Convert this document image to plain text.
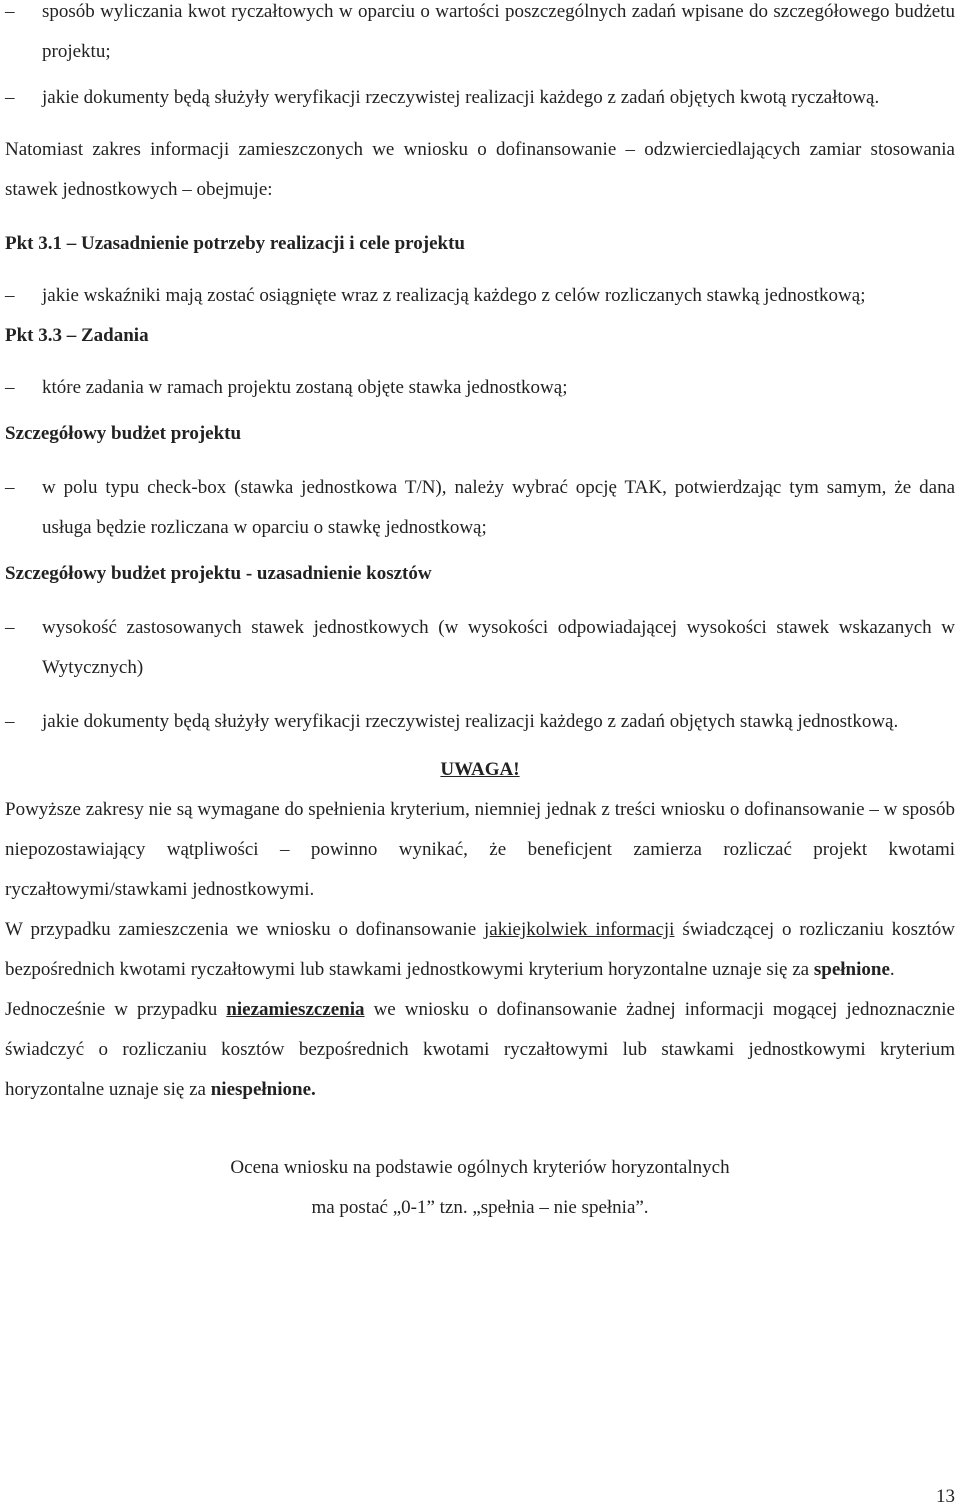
–	sposób wyliczania kwot ryczałtowych w oparciu o wartości poszczególnych zadań wpisane do szczegółowego budżetu projektu;
–	jakie dokumenty będą służyły weryfikacji rzeczywistej realizacji każdego z zadań objętych kwotą ryczałtową.
Natomiast zakres informacji zamieszczonych we wniosku o dofinansowanie – odzwierciedlających zamiar stosowania stawek jednostkowych – obejmuje:
Pkt 3.1 – Uzasadnienie potrzeby realizacji i cele projektu
–	jakie wskaźniki mają zostać osiągnięte wraz z realizacją każdego z celów rozliczanych stawką jednostkową;
Pkt 3.3 – Zadania
–	które zadania w ramach projektu zostaną objęte stawka jednostkową;
Szczegółowy budżet projektu
–	w polu typu check-box (stawka jednostkowa T/N), należy wybrać opcję TAK, potwierdzając tym samym, że dana usługa będzie rozliczana w oparciu o stawkę jednostkową;
Szczegółowy budżet projektu - uzasadnienie kosztów
–	wysokość zastosowanych stawek jednostkowych (w wysokości odpowiadającej wysokości stawek wskazanych w Wytycznych)
–	jakie dokumenty będą służyły weryfikacji rzeczywistej realizacji każdego z zadań objętych stawką jednostkową.
UWAGA!
Powyższe zakresy nie są wymagane do spełnienia kryterium, niemniej jednak z treści wniosku o dofinansowanie – w sposób niepozostawiający wątpliwości – powinno wynikać, że beneficjent zamierza rozliczać projekt kwotami ryczałtowymi/stawkami jednostkowymi.
W przypadku zamieszczenia we wniosku o dofinansowanie jakiejkolwiek informacji świadczącej o rozliczaniu kosztów bezpośrednich kwotami ryczałtowymi lub stawkami jednostkowymi kryterium horyzontalne uznaje się za spełnione.
Jednocześnie w przypadku niezamieszczenia we wniosku o dofinansowanie żadnej informacji mogącej jednoznacznie świadczyć o rozliczaniu kosztów bezpośrednich kwotami ryczałtowymi lub stawkami jednostkowymi kryterium horyzontalne uznaje się za niespełnione.
Ocena wniosku na podstawie ogólnych kryteriów horyzontalnych
ma postać „0-1” tzn. „spełnia – nie spełnia”.
13
